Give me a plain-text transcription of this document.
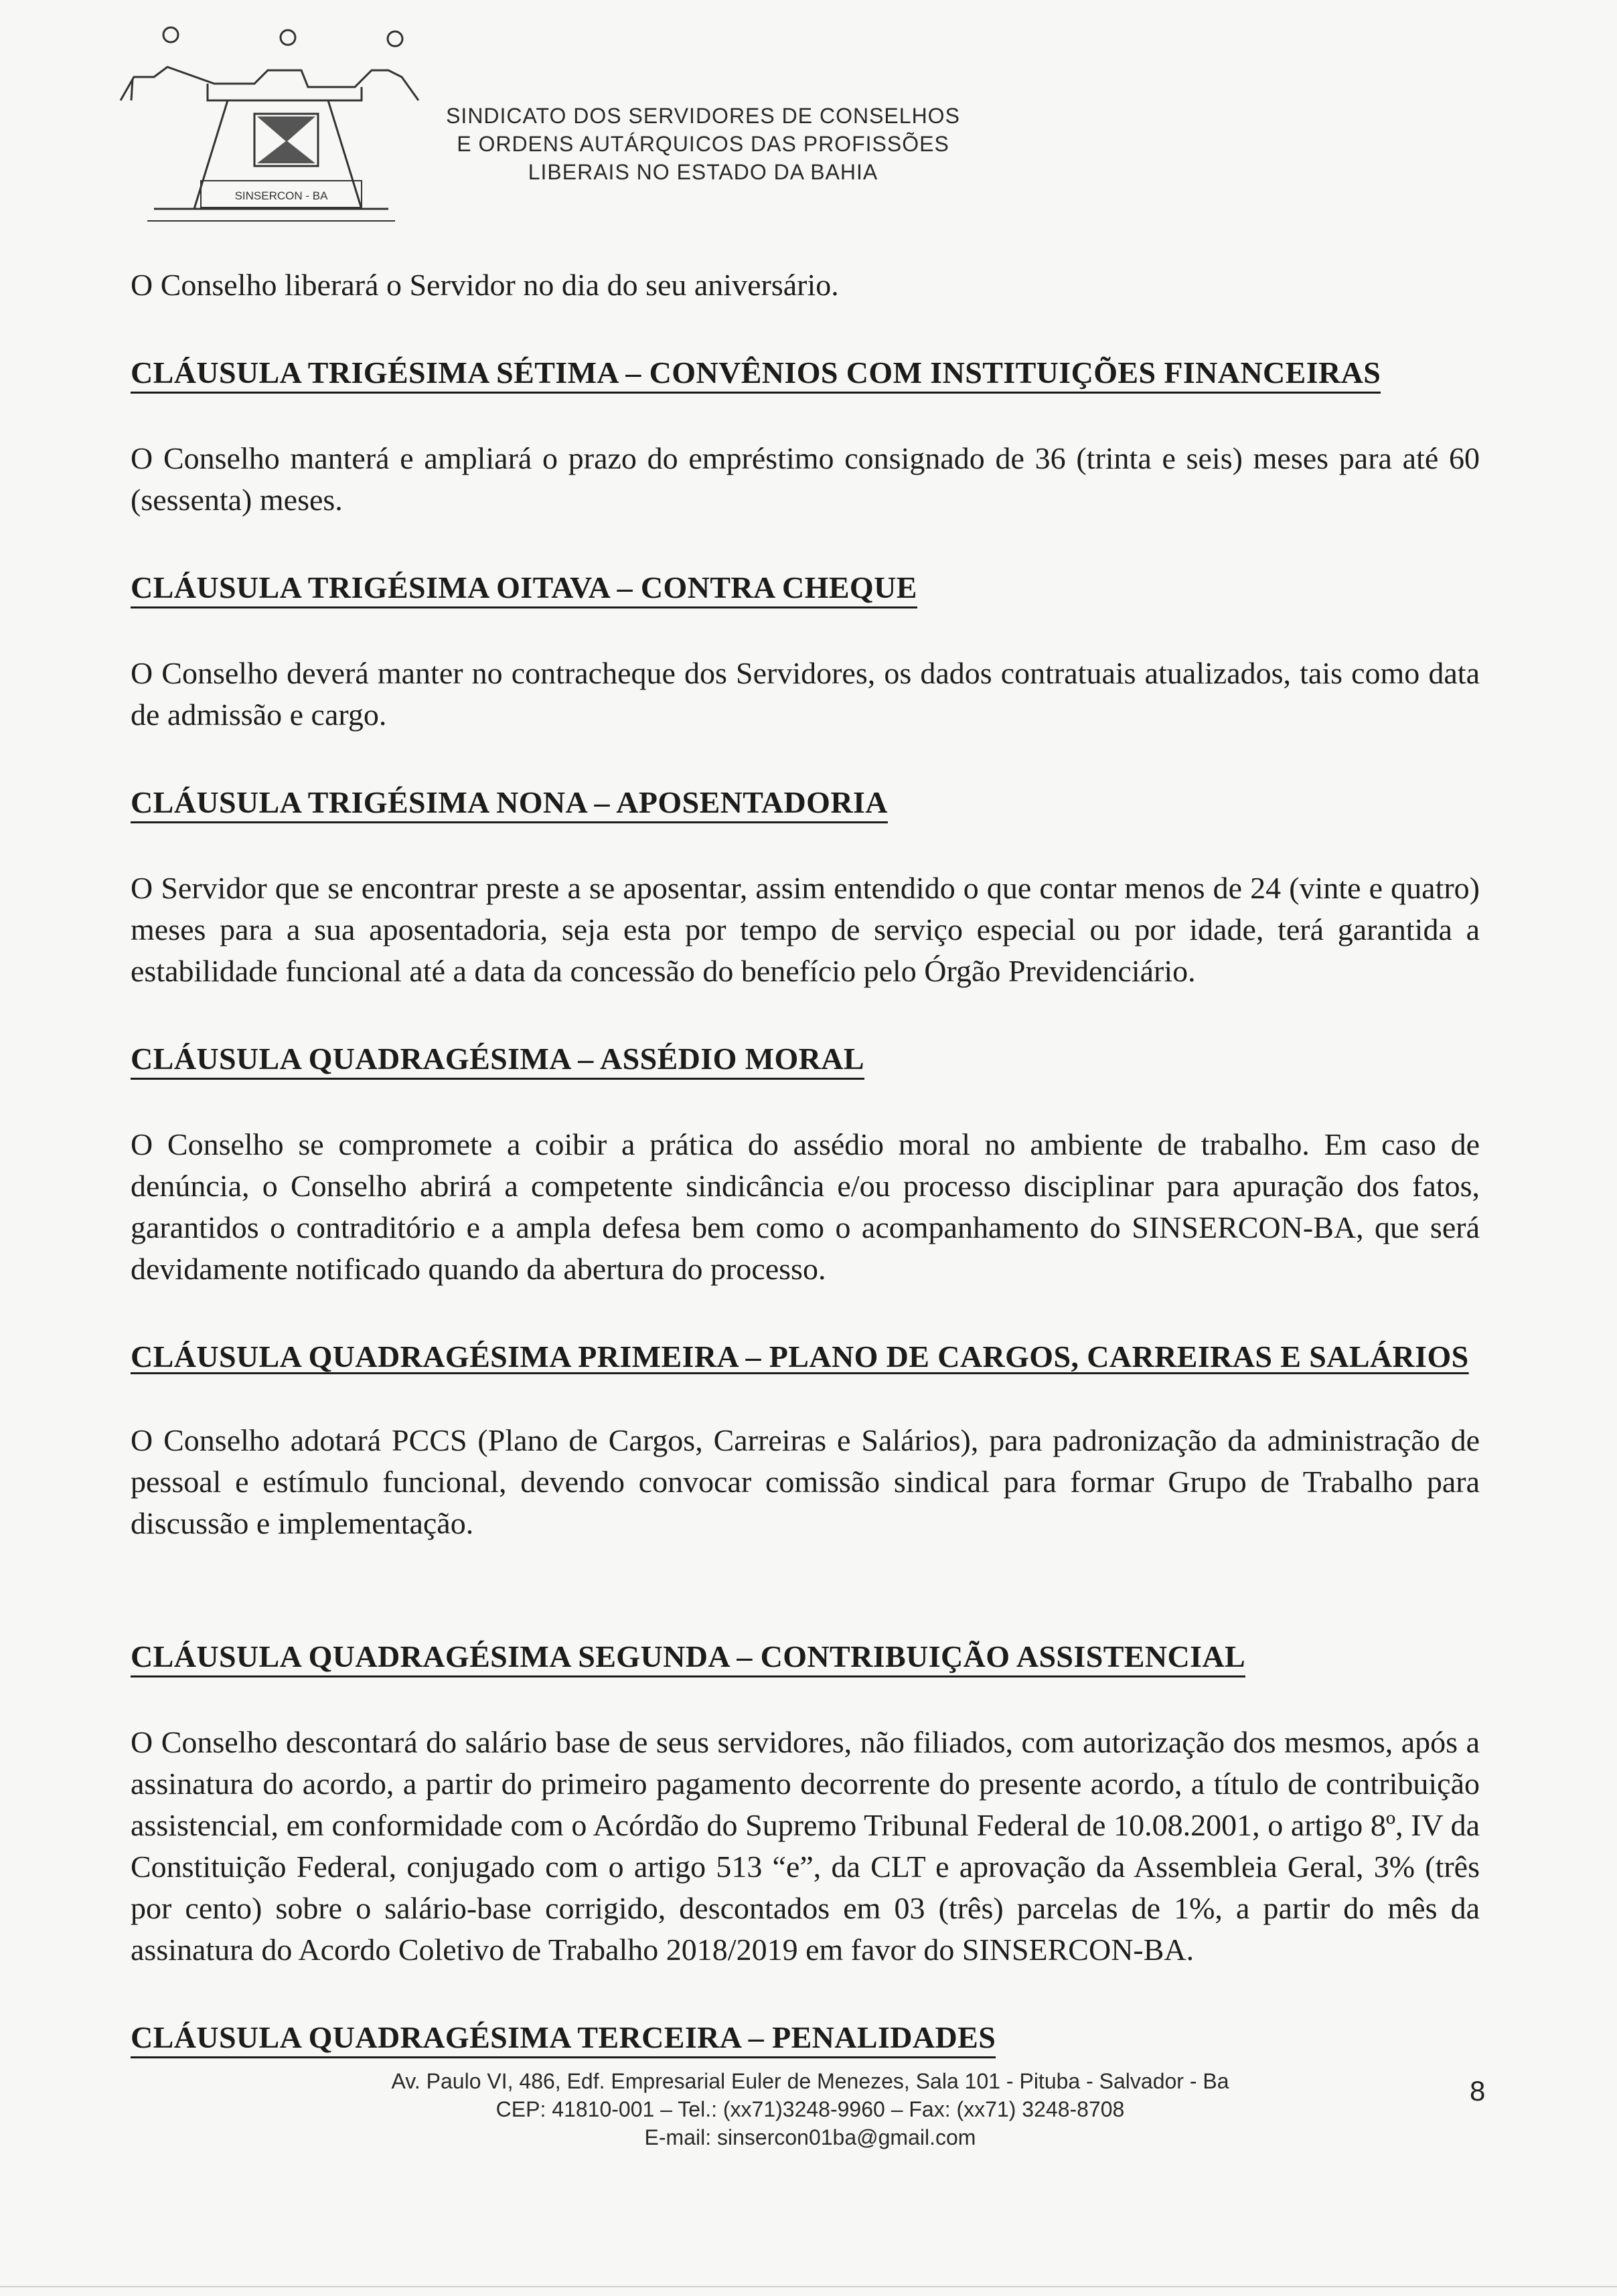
SINSERCON - BA
SINDICATO DOS SERVIDORES DE CONSELHOS
E ORDENS AUTÁRQUICOS DAS PROFISSÕES
LIBERAIS NO ESTADO DA BAHIA

O Conselho liberará o Servidor no dia do seu aniversário.

CLÁUSULA TRIGÉSIMA SÉTIMA – CONVÊNIOS COM INSTITUIÇÕES FINANCEIRAS

O Conselho manterá e ampliará o prazo do empréstimo consignado de 36 (trinta e seis) meses para até 60 (sessenta) meses.

CLÁUSULA TRIGÉSIMA OITAVA – CONTRA CHEQUE

O Conselho deverá manter no contracheque dos Servidores, os dados contratuais atualizados, tais como data de admissão e cargo.

CLÁUSULA TRIGÉSIMA NONA – APOSENTADORIA

O Servidor que se encontrar preste a se aposentar, assim entendido o que contar menos de 24 (vinte e quatro) meses para a sua aposentadoria, seja esta por tempo de serviço especial ou por idade, terá garantida a estabilidade funcional até a data da concessão do benefício pelo Órgão Previdenciário.

CLÁUSULA QUADRAGÉSIMA – ASSÉDIO MORAL

O Conselho se compromete a coibir a prática do assédio moral no ambiente de trabalho. Em caso de denúncia, o Conselho abrirá a competente sindicância e/ou processo disciplinar para apuração dos fatos, garantidos o contraditório e a ampla defesa bem como o acompanhamento do SINSERCON-BA, que será devidamente notificado quando da abertura do processo.

CLÁUSULA QUADRAGÉSIMA PRIMEIRA – PLANO DE CARGOS, CARREIRAS E SALÁRIOS

O Conselho adotará PCCS (Plano de Cargos, Carreiras e Salários), para padronização da administração de pessoal e estímulo funcional, devendo convocar comissão sindical para formar Grupo de Trabalho para discussão e implementação.

CLÁUSULA QUADRAGÉSIMA SEGUNDA – CONTRIBUIÇÃO ASSISTENCIAL

O Conselho descontará do salário base de seus servidores, não filiados, com autorização dos mesmos, após a assinatura do acordo, a partir do primeiro pagamento decorrente do presente acordo, a título de contribuição assistencial, em conformidade com o Acórdão do Supremo Tribunal Federal de 10.08.2001, o artigo 8º, IV da Constituição Federal, conjugado com o artigo 513 “e”, da CLT e aprovação da Assembleia Geral, 3% (três por cento) sobre o salário-base corrigido, descontados em 03 (três) parcelas de 1%, a partir do mês da assinatura do Acordo Coletivo de Trabalho 2018/2019 em favor do SINSERCON-BA.

CLÁUSULA QUADRAGÉSIMA TERCEIRA – PENALIDADES
Av. Paulo VI, 486, Edf. Empresarial Euler de Menezes, Sala 101 - Pituba - Salvador - Ba
CEP: 41810-001 – Tel.: (xx71)3248-9960 – Fax: (xx71) 3248-8708
E-mail: sinsercon01ba@gmail.com
8
